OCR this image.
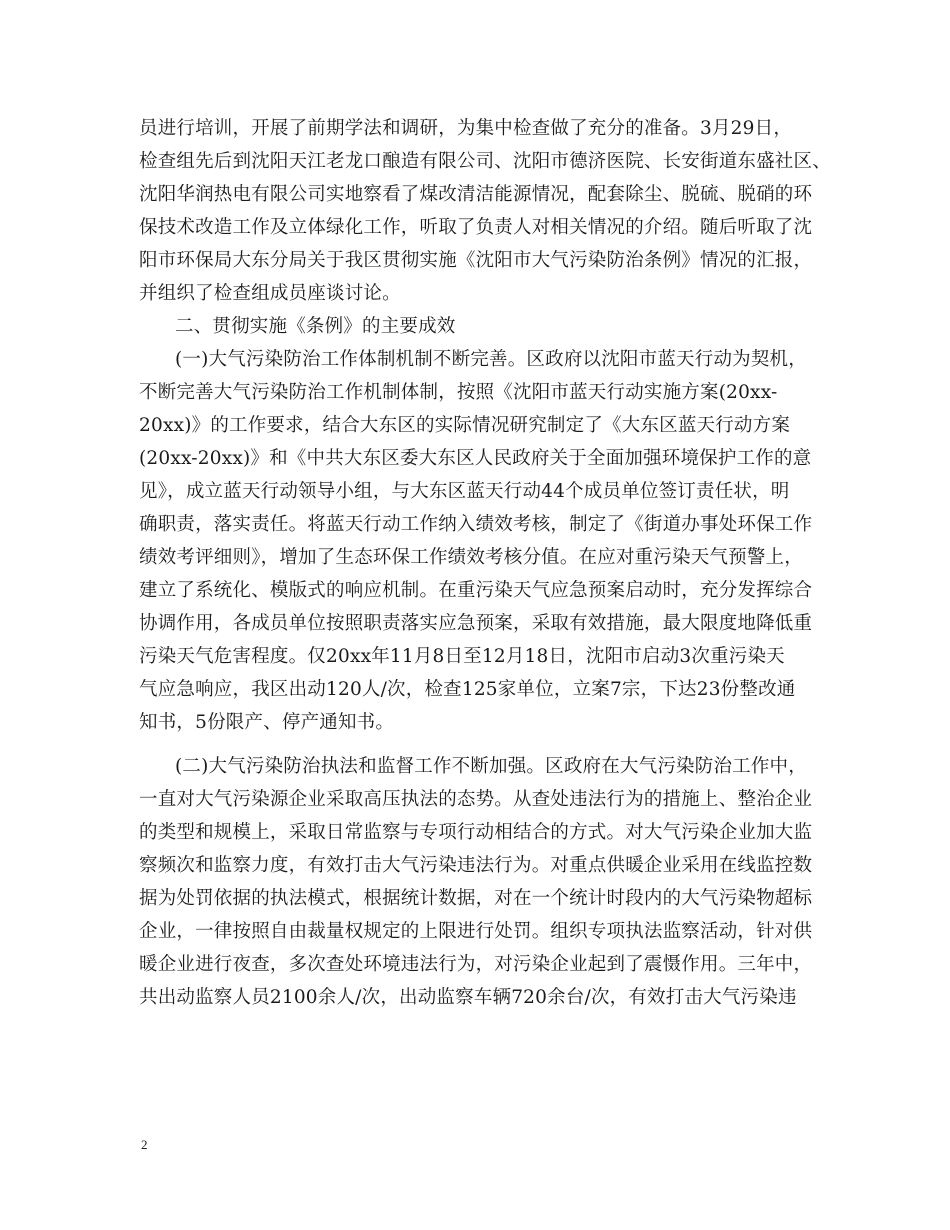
员进行培训，开展了前期学法和调研，为集中检查做了充分的准备。3月29日，
检查组先后到沈阳天江老龙口酿造有限公司、沈阳市德济医院、长安街道东盛社区、
沈阳华润热电有限公司实地察看了煤改清洁能源情况，配套除尘、脱硫、脱硝的环
保技术改造工作及立体绿化工作，听取了负责人对相关情况的介绍。随后听取了沈
阳市环保局大东分局关于我区贯彻实施《沈阳市大气污染防治条例》情况的汇报，
并组织了检查组成员座谈讨论。
二、贯彻实施《条例》的主要成效
(一)大气污染防治工作体制机制不断完善。区政府以沈阳市蓝天行动为契机，
不断完善大气污染防治工作机制体制，按照《沈阳市蓝天行动实施方案(20xx-
20xx)》的工作要求，结合大东区的实际情况研究制定了《大东区蓝天行动方案
(20xx-20xx)》和《中共大东区委大东区人民政府关于全面加强环境保护工作的意
见》，成立蓝天行动领导小组，与大东区蓝天行动44个成员单位签订责任状，明
确职责，落实责任。将蓝天行动工作纳入绩效考核，制定了《街道办事处环保工作
绩效考评细则》，增加了生态环保工作绩效考核分值。在应对重污染天气预警上，
建立了系统化、模版式的响应机制。在重污染天气应急预案启动时，充分发挥综合
协调作用，各成员单位按照职责落实应急预案，采取有效措施，最大限度地降低重
污染天气危害程度。仅20xx年11月8日至12月18日，沈阳市启动3次重污染天
气应急响应，我区出动120人/次，检查125家单位，立案7宗，下达23份整改通
知书，5份限产、停产通知书。
(二)大气污染防治执法和监督工作不断加强。区政府在大气污染防治工作中，
一直对大气污染源企业采取高压执法的态势。从查处违法行为的措施上、整治企业
的类型和规模上，采取日常监察与专项行动相结合的方式。对大气污染企业加大监
察频次和监察力度，有效打击大气污染违法行为。对重点供暖企业采用在线监控数
据为处罚依据的执法模式，根据统计数据，对在一个统计时段内的大气污染物超标
企业，一律按照自由裁量权规定的上限进行处罚。组织专项执法监察活动，针对供
暖企业进行夜查，多次查处环境违法行为，对污染企业起到了震慑作用。三年中，
共出动监察人员2100余人/次，出动监察车辆720余台/次，有效打击大气污染违
2
